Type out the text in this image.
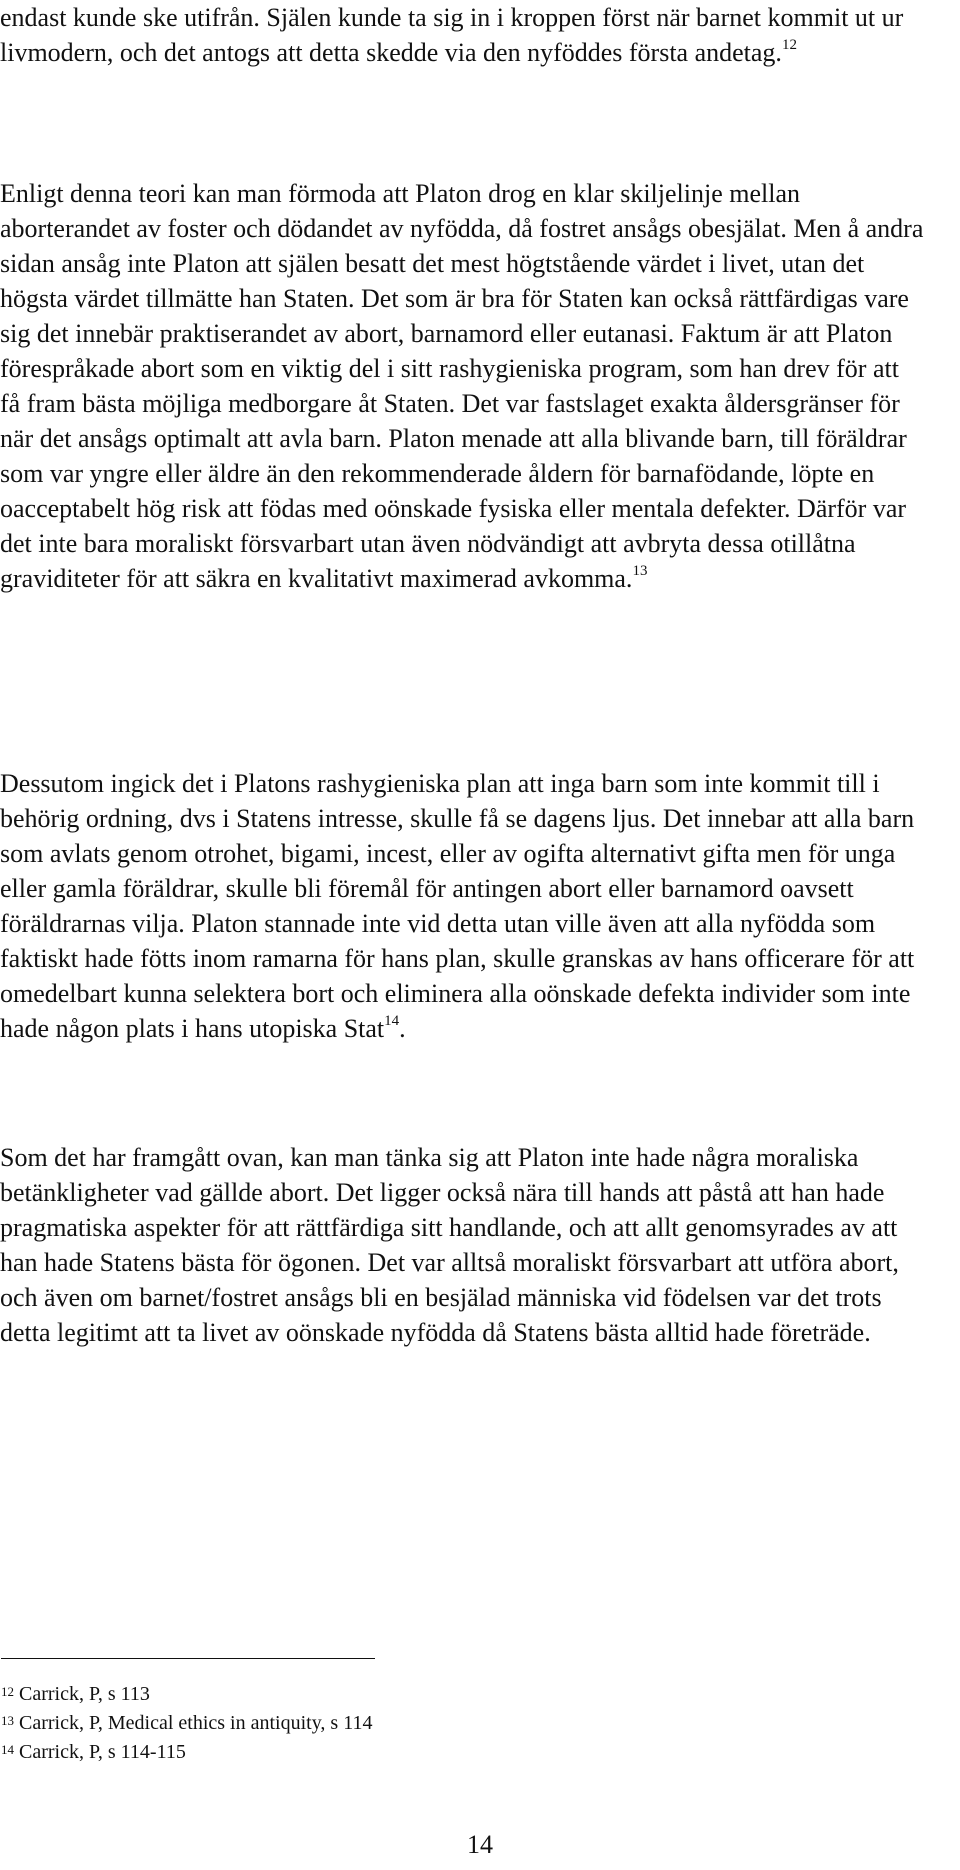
endast kunde ske utifrån. Själen kunde ta sig in i kroppen först när barnet kommit ut ur livmodern, och det antogs att detta skedde via den nyföddes första andetag.$^{12}$

Enligt denna teori kan man förmoda att Platon drog en klar skiljelinje mellan aborterandet av foster och dödandet av nyfödda, då fostret ansågs obesjälat. Men å andra sidan ansåg inte Platon att själen besatt det mest högtstående värdet i livet, utan det högsta värdet tillmätte han Staten. Det som är bra för Staten kan också rättfärdigas vare sig det innebär praktiserandet av abort, barnamord eller eutanasi. Faktum är att Platon förespråkade abort som en viktig del i sitt rashygieniska program, som han drev för att få fram bästa möjliga medborgare åt Staten. Det var fastslaget exakta åldersgränser för när det ansågs optimalt att avla barn. Platon menade att alla blivande barn, till föräldrar som var yngre eller äldre än den rekommenderade åldern för barnafödande, löpte en oacceptabelt hög risk att födas med oönskade fysiska eller mentala defekter. Därför var det inte bara moraliskt försvarbart utan även nödvändigt att avbryta dessa otillåtna graviditeter för att säkra en kvalitativt maximerad avkomma.$^{13}$

Dessutom ingick det i Platons rashygieniska plan att inga barn som inte kommit till i behörig ordning, dvs i Statens intresse, skulle få se dagens ljus. Det innebar att alla barn som avlats genom otrohet, bigami, incest, eller av ogifta alternativt gifta men för unga eller gamla föräldrar, skulle bli föremål för antingen abort eller barnamord oavsett föräldrarnas vilja. Platon stannade inte vid detta utan ville även att alla nyfödda som faktiskt hade fötts inom ramarna för hans plan, skulle granskas av hans officerare för att omedelbart kunna selektera bort och eliminera alla oönskade defekta individer som inte hade någon plats i hans utopiska Stat$^{14}$.

Som det har framgått ovan, kan man tänka sig att Platon inte hade några moraliska betänkligheter vad gällde abort. Det ligger också nära till hands att påstå att han hade pragmatiska aspekter för att rättfärdiga sitt handlande, och att allt genomsyrades av att han hade Statens bästa för ögonen. Det var alltså moraliskt försvarbart att utföra abort, och även om barnet/fostret ansågs bli en besjälad människa vid födelsen var det trots detta legitimt att ta livet av oönskade nyfödda då Statens bästa alltid hade företräde.

$^{12}$ Carrick, P, s 113

$^{13}$ Carrick, P, Medical ethics in antiquity, s 114

$^{14}$ Carrick, P, s 114-115

14
